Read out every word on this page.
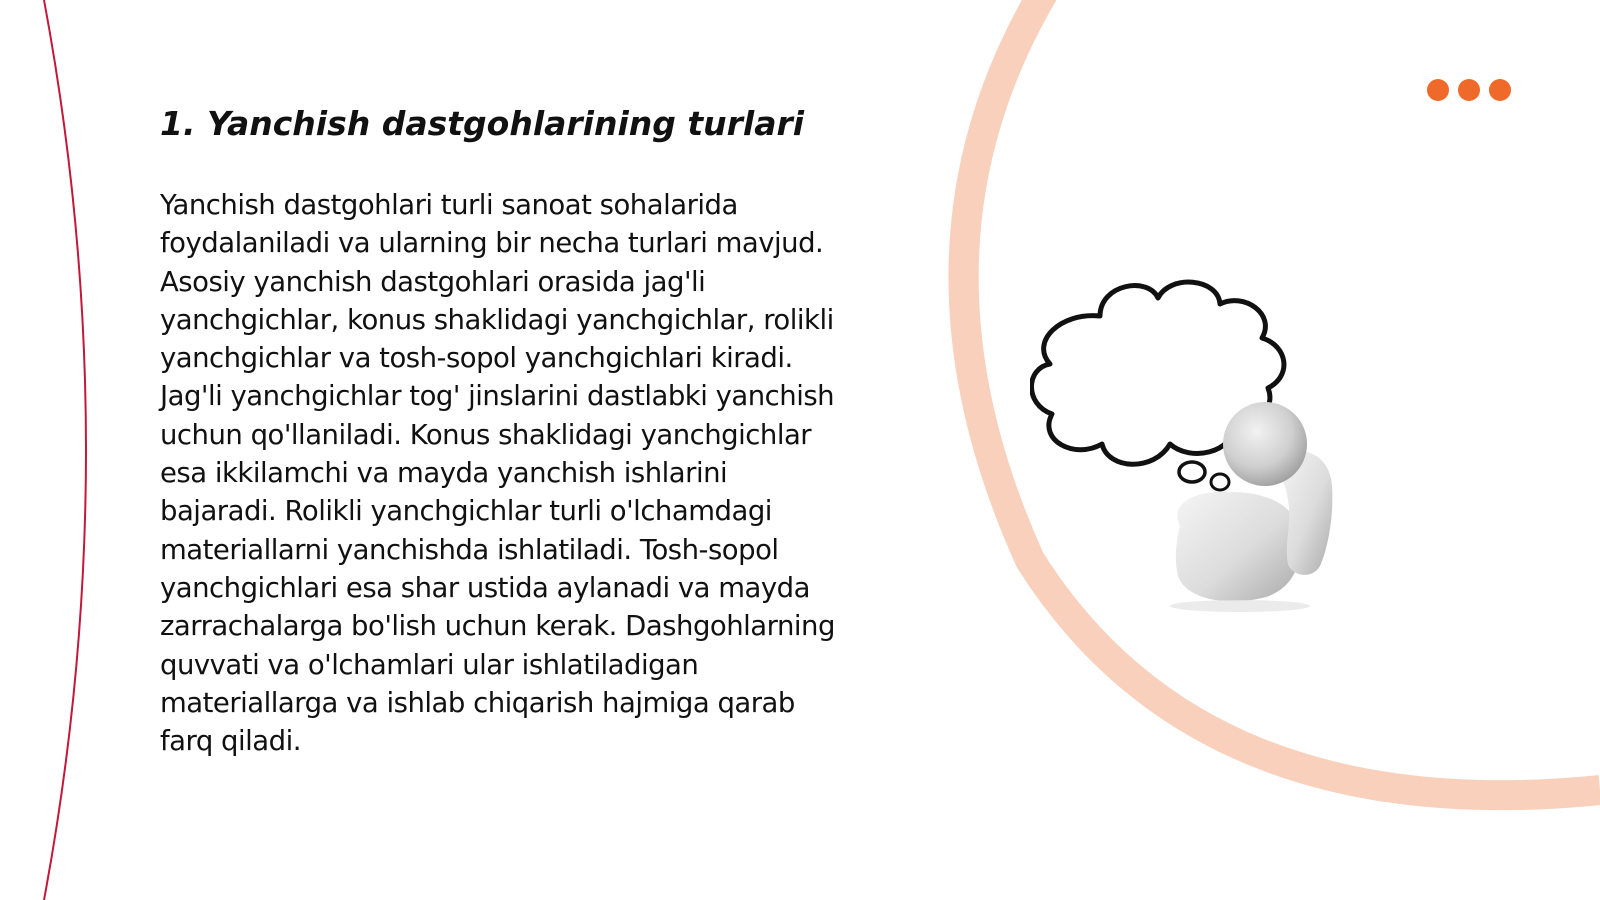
1. Yanchish dastgohlarining turlari

Yanchish dastgohlari turli sanoat sohalarida foydalaniladi va ularning bir necha turlari mavjud. Asosiy yanchish dastgohlari orasida jag'li yanchgichlar, konus shaklidagi yanchgichlar, rolikli yanchgichlar va tosh-sopol yanchgichlari kiradi. Jag'li yanchgichlar tog' jinslarini dastlabki yanchish uchun qo'llaniladi. Konus shaklidagi yanchgichlar esa ikkilamchi va mayda yanchish ishlarini bajaradi. Rolikli yanchgichlar turli o'lchamdagi materiallarni yanchishda ishlatiladi. Tosh-sopol yanchgichlari esa shar ustida aylanadi va mayda zarrachalarga bo'lish uchun kerak. Dashgohlarning quvvati va o'lchamlari ular ishlatiladigan materiallarga va ishlab chiqarish hajmiga qarab farq qiladi.
